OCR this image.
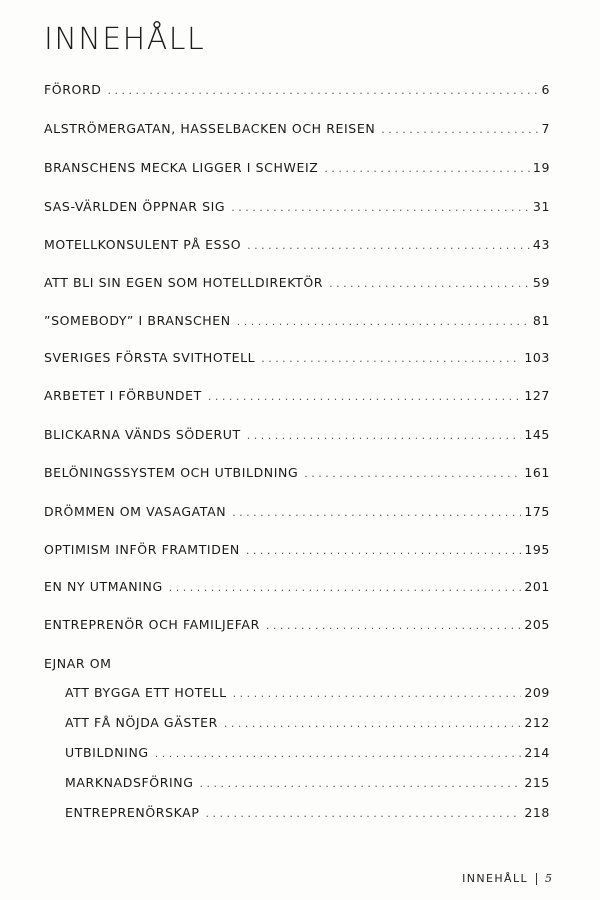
INNEHÅLL
FÖRORD . . .	6
ALSTRÖMERGATAN, HASSELBACKEN OCH REISEN . . .	7
BRANSCHENS MECKA LIGGER I SCHWEIZ . . .	19
SAS-VÄRLDEN ÖPPNAR SIG . . .	31
MOTELLKONSULENT PÅ ESSO . . .	43
ATT BLI SIN EGEN SOM HOTELLDIREKTÖR . . .	59
”SOMEBODY” I BRANSCHEN . . .	81
SVERIGES FÖRSTA SVITHOTELL . . .	103
ARBETET I FÖRBUNDET . . .	127
BLICKARNA VÄNDS SÖDERUT . . .	145
BELÖNINGSSYSTEM OCH UTBILDNING . . .	161
DRÖMMEN OM VASAGATAN . . .	175
OPTIMISM INFÖR FRAMTIDEN . . .	195
EN NY UTMANING . . .	201
ENTREPRENÖR OCH FAMILJEFAR . . .	205
EJNAR OM
ATT BYGGA ETT HOTELL . . .	209
ATT FÅ NÖJDA GÄSTER . . .	212
UTBILDNING . . .	214
MARKNADSFÖRING . . .	215
ENTREPRENÖRSKAP . . .	218
INNEHÅLL 5
